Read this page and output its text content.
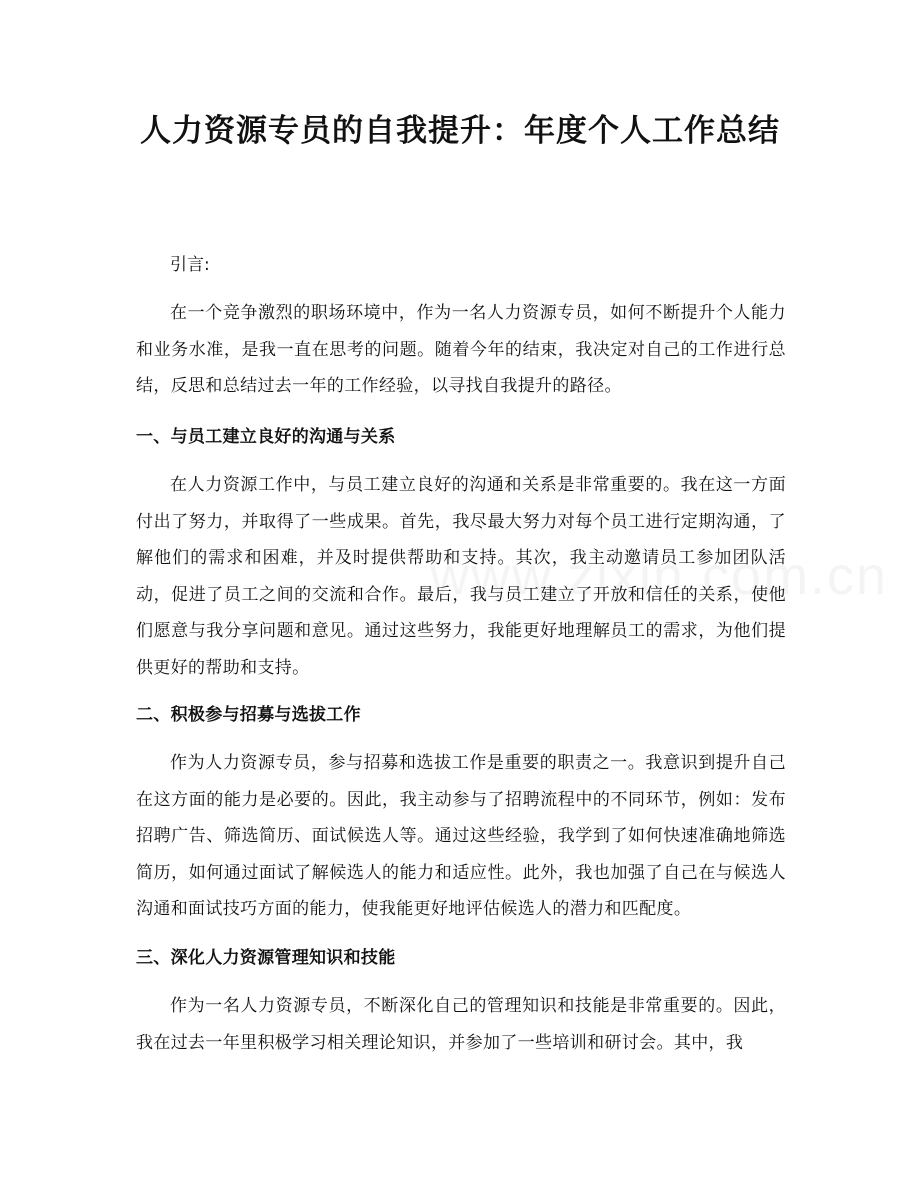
人力资源专员的自我提升：年度个人工作总结

引言:

在一个竞争激烈的职场环境中，作为一名人力资源专员，如何不断提升个人能力和业务水准，是我一直在思考的问题。随着今年的结束，我决定对自己的工作进行总结，反思和总结过去一年的工作经验，以寻找自我提升的路径。

一、与员工建立良好的沟通与关系

在人力资源工作中，与员工建立良好的沟通和关系是非常重要的。我在这一方面付出了努力，并取得了一些成果。首先，我尽最大努力对每个员工进行定期沟通，了解他们的需求和困难，并及时提供帮助和支持。其次，我主动邀请员工参加团队活动，促进了员工之间的交流和合作。最后，我与员工建立了开放和信任的关系，使他们愿意与我分享问题和意见。通过这些努力，我能更好地理解员工的需求，为他们提供更好的帮助和支持。

二、积极参与招募与选拔工作

作为人力资源专员，参与招募和选拔工作是重要的职责之一。我意识到提升自己在这方面的能力是必要的。因此，我主动参与了招聘流程中的不同环节，例如：发布招聘广告、筛选简历、面试候选人等。通过这些经验，我学到了如何快速准确地筛选简历，如何通过面试了解候选人的能力和适应性。此外，我也加强了自己在与候选人沟通和面试技巧方面的能力，使我能更好地评估候选人的潜力和匹配度。

三、深化人力资源管理知识和技能

作为一名人力资源专员，不断深化自己的管理知识和技能是非常重要的。因此，我在过去一年里积极学习相关理论知识，并参加了一些培训和研讨会。其中，我
